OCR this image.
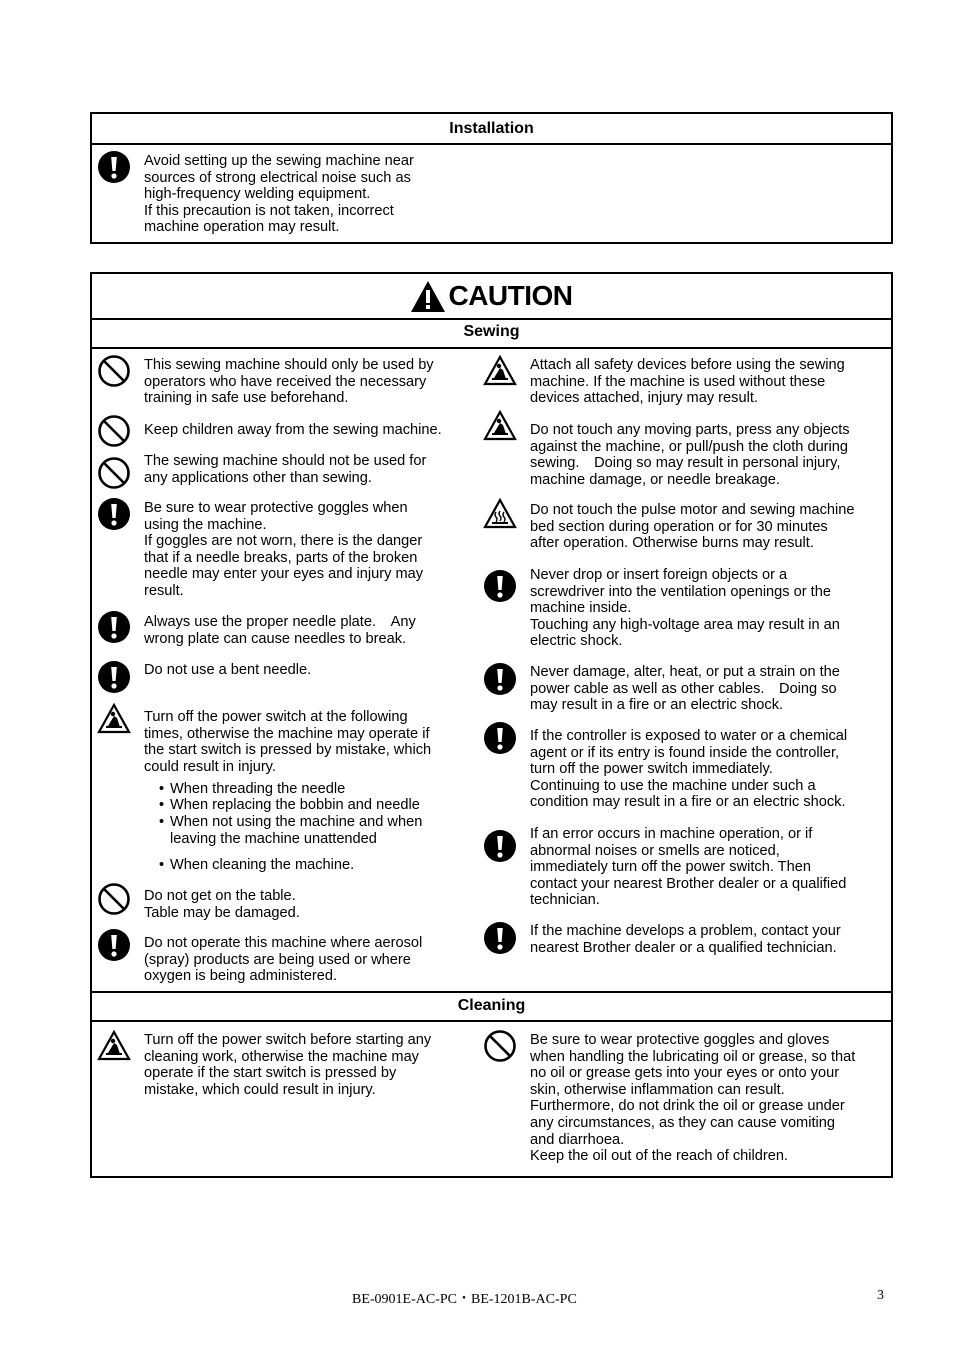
Installation
Avoid setting up the sewing machine near
sources of strong electrical noise such as
high-frequency welding equipment.
If this precaution is not taken, incorrect
machine operation may result.
CAUTION
Sewing
Cleaning
This sewing machine should only be used by
operators who have received the necessary
training in safe use beforehand.
Keep children away from the sewing machine.
The sewing machine should not be used for
any applications other than sewing.
Be sure to wear protective goggles when
using the machine.
If goggles are not worn, there is the danger
that if a needle breaks, parts of the broken
needle may enter your eyes and injury may
result.
Always use the proper needle plate.　Any
wrong plate can cause needles to break.
Do not use a bent needle.
Turn off the power switch at the following
times, otherwise the machine may operate if
the start switch is pressed by mistake, which
could result in injury.
Do not get on the table.
Table may be damaged.
Do not operate this machine where aerosol
(spray) products are being used or where
oxygen is being administered.
• When threading the needle
• When replacing the bobbin and needle
• When not using the machine and when
leaving the machine unattended
• When cleaning the machine.
Attach all safety devices before using the sewing
machine. If the machine is used without these
devices attached, injury may result.
Do not touch any moving parts, press any objects
against the machine, or pull/push the cloth during
sewing.　Doing so may result in personal injury,
machine damage, or needle breakage.
Do not touch the pulse motor and sewing machine
bed section during operation or for 30 minutes
after operation. Otherwise burns may result.
Never drop or insert foreign objects or a
screwdriver into the ventilation openings or the
machine inside.
Touching any high-voltage area may result in an
electric shock.
Never damage, alter, heat, or put a strain on the
power cable as well as other cables.　Doing so
may result in a fire or an electric shock.
If the controller is exposed to water or a chemical
agent or if its entry is found inside the controller,
turn off the power switch immediately.
Continuing to use the machine under such a
condition may result in a fire or an electric shock.
If an error occurs in machine operation, or if
abnormal noises or smells are noticed,
immediately turn off the power switch. Then
contact your nearest Brother dealer or a qualified
technician.
If the machine develops a problem, contact your
nearest Brother dealer or a qualified technician.
Turn off the power switch before starting any
cleaning work, otherwise the machine may
operate if the start switch is pressed by
mistake, which could result in injury.
Be sure to wear protective goggles and gloves
when handling the lubricating oil or grease, so that
no oil or grease gets into your eyes or onto your
skin, otherwise inflammation can result.
Furthermore, do not drink the oil or grease under
any circumstances, as they can cause vomiting
and diarrhoea.
Keep the oil out of the reach of children.
BE-0901E-AC-PC・BE-1201B-AC-PC	3
